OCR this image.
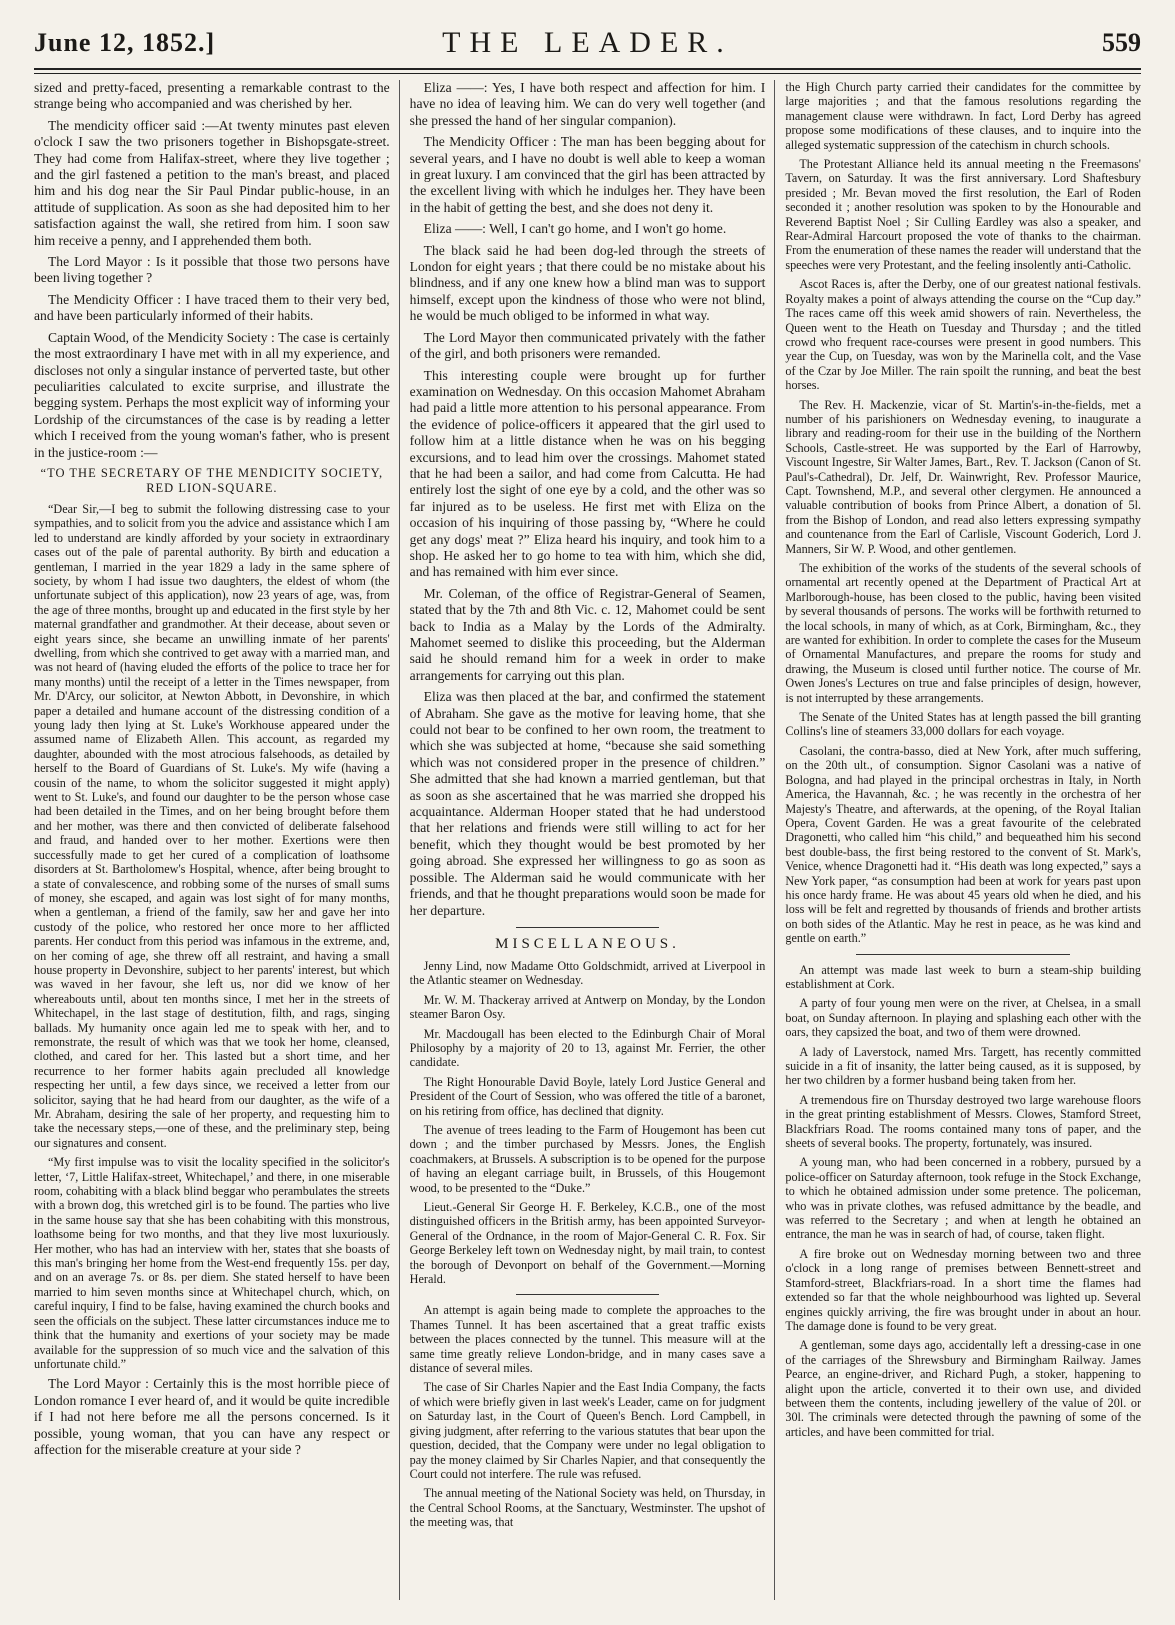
June 12, 1852.]	THE LEADER.	559

sized and pretty-faced, presenting a remarkable contrast to the strange being who accompanied and was cherished by her.

The mendicity officer said :—At twenty minutes past eleven o'clock I saw the two prisoners together in Bishopsgate-street. They had come from Halifax-street, where they live together ; and the girl fastened a petition to the man's breast, and placed him and his dog near the Sir Paul Pindar public-house, in an attitude of supplication. As soon as she had deposited him to her satisfaction against the wall, she retired from him. I soon saw him receive a penny, and I apprehended them both.

The Lord Mayor : Is it possible that those two persons have been living together ?

The Mendicity Officer : I have traced them to their very bed, and have been particularly informed of their habits.

Captain Wood, of the Mendicity Society : The case is certainly the most extraordinary I have met with in all my experience, and discloses not only a singular instance of perverted taste, but other peculiarities calculated to excite surprise, and illustrate the begging system. Perhaps the most explicit way of informing your Lordship of the circumstances of the case is by reading a letter which I received from the young woman's father, who is present in the justice-room :—

“TO THE SECRETARY OF THE MENDICITY SOCIETY, RED LION-SQUARE.

“Dear Sir,—I beg to submit the following distressing case to your sympathies, and to solicit from you the advice and assistance which I am led to understand are kindly afforded by your society in extraordinary cases out of the pale of parental authority. By birth and education a gentleman, I married in the year 1829 a lady in the same sphere of society, by whom I had issue two daughters, the eldest of whom (the unfortunate subject of this application), now 23 years of age, was, from the age of three months, brought up and educated in the first style by her maternal grandfather and grandmother. At their decease, about seven or eight years since, she became an unwilling inmate of her parents' dwelling, from which she contrived to get away with a married man, and was not heard of (having eluded the efforts of the police to trace her for many months) until the receipt of a letter in the Times newspaper, from Mr. D'Arcy, our solicitor, at Newton Abbott, in Devonshire, in which paper a detailed and humane account of the distressing condition of a young lady then lying at St. Luke's Workhouse appeared under the assumed name of Elizabeth Allen. This account, as regarded my daughter, abounded with the most atrocious falsehoods, as detailed by herself to the Board of Guardians of St. Luke's. My wife (having a cousin of the name, to whom the solicitor suggested it might apply) went to St. Luke's, and found our daughter to be the person whose case had been detailed in the Times, and on her being brought before them and her mother, was there and then convicted of deliberate falsehood and fraud, and handed over to her mother. Exertions were then successfully made to get her cured of a complication of loathsome disorders at St. Bartholomew's Hospital, whence, after being brought to a state of convalescence, and robbing some of the nurses of small sums of money, she escaped, and again was lost sight of for many months, when a gentleman, a friend of the family, saw her and gave her into custody of the police, who restored her once more to her afflicted parents. Her conduct from this period was infamous in the extreme, and, on her coming of age, she threw off all restraint, and having a small house property in Devonshire, subject to her parents' interest, but which was waved in her favour, she left us, nor did we know of her whereabouts until, about ten months since, I met her in the streets of Whitechapel, in the last stage of destitution, filth, and rags, singing ballads. My humanity once again led me to speak with her, and to remonstrate, the result of which was that we took her home, cleansed, clothed, and cared for her. This lasted but a short time, and her recurrence to her former habits again precluded all knowledge respecting her until, a few days since, we received a letter from our solicitor, saying that he had heard from our daughter, as the wife of a Mr. Abraham, desiring the sale of her property, and requesting him to take the necessary steps,—one of these, and the preliminary step, being our signatures and consent.

“My first impulse was to visit the locality specified in the solicitor's letter, ‘7, Little Halifax-street, Whitechapel,’ and there, in one miserable room, cohabiting with a black blind beggar who perambulates the streets with a brown dog, this wretched girl is to be found. The parties who live in the same house say that she has been cohabiting with this monstrous, loathsome being for two months, and that they live most luxuriously. Her mother, who has had an interview with her, states that she boasts of this man's bringing her home from the West-end frequently 15s. per day, and on an average 7s. or 8s. per diem. She stated herself to have been married to him seven months since at Whitechapel church, which, on careful inquiry, I find to be false, having examined the church books and seen the officials on the subject. These latter circumstances induce me to think that the humanity and exertions of your society may be made available for the suppression of so much vice and the salvation of this unfortunate child.”

The Lord Mayor : Certainly this is the most horrible piece of London romance I ever heard of, and it would be quite incredible if I had not here before me all the persons concerned. Is it possible, young woman, that you can have any respect or affection for the miserable creature at your side ?

Eliza ——: Yes, I have both respect and affection for him. I have no idea of leaving him. We can do very well together (and she pressed the hand of her singular companion).

The Mendicity Officer : The man has been begging about for several years, and I have no doubt is well able to keep a woman in great luxury. I am convinced that the girl has been attracted by the excellent living with which he indulges her. They have been in the habit of getting the best, and she does not deny it.

Eliza ——: Well, I can't go home, and I won't go home.

The black said he had been dog-led through the streets of London for eight years ; that there could be no mistake about his blindness, and if any one knew how a blind man was to support himself, except upon the kindness of those who were not blind, he would be much obliged to be informed in what way.

The Lord Mayor then communicated privately with the father of the girl, and both prisoners were remanded.

This interesting couple were brought up for further examination on Wednesday. On this occasion Mahomet Abraham had paid a little more attention to his personal appearance. From the evidence of police-officers it appeared that the girl used to follow him at a little distance when he was on his begging excursions, and to lead him over the crossings. Mahomet stated that he had been a sailor, and had come from Calcutta. He had entirely lost the sight of one eye by a cold, and the other was so far injured as to be useless. He first met with Eliza on the occasion of his inquiring of those passing by, “Where he could get any dogs' meat ?” Eliza heard his inquiry, and took him to a shop. He asked her to go home to tea with him, which she did, and has remained with him ever since.

Mr. Coleman, of the office of Registrar-General of Seamen, stated that by the 7th and 8th Vic. c. 12, Mahomet could be sent back to India as a Malay by the Lords of the Admiralty. Mahomet seemed to dislike this proceeding, but the Alderman said he should remand him for a week in order to make arrangements for carrying out this plan.

Eliza was then placed at the bar, and confirmed the statement of Abraham. She gave as the motive for leaving home, that she could not bear to be confined to her own room, the treatment to which she was subjected at home, “because she said something which was not considered proper in the presence of children.” She admitted that she had known a married gentleman, but that as soon as she ascertained that he was married she dropped his acquaintance. Alderman Hooper stated that he had understood that her relations and friends were still willing to act for her benefit, which they thought would be best promoted by her going abroad. She expressed her willingness to go as soon as possible. The Alderman said he would communicate with her friends, and that he thought preparations would soon be made for her departure.

MISCELLANEOUS.

Jenny Lind, now Madame Otto Goldschmidt, arrived at Liverpool in the Atlantic steamer on Wednesday.

Mr. W. M. Thackeray arrived at Antwerp on Monday, by the London steamer Baron Osy.

Mr. Macdougall has been elected to the Edinburgh Chair of Moral Philosophy by a majority of 20 to 13, against Mr. Ferrier, the other candidate.

The Right Honourable David Boyle, lately Lord Justice General and President of the Court of Session, who was offered the title of a baronet, on his retiring from office, has declined that dignity.

The avenue of trees leading to the Farm of Hougemont has been cut down ; and the timber purchased by Messrs. Jones, the English coachmakers, at Brussels. A subscription is to be opened for the purpose of having an elegant carriage built, in Brussels, of this Hougemont wood, to be presented to the “Duke.”

Lieut.-General Sir George H. F. Berkeley, K.C.B., one of the most distinguished officers in the British army, has been appointed Surveyor-General of the Ordnance, in the room of Major-General C. R. Fox. Sir George Berkeley left town on Wednesday night, by mail train, to contest the borough of Devonport on behalf of the Government.—Morning Herald.

An attempt is again being made to complete the approaches to the Thames Tunnel. It has been ascertained that a great traffic exists between the places connected by the tunnel. This measure will at the same time greatly relieve London-bridge, and in many cases save a distance of several miles.

The case of Sir Charles Napier and the East India Company, the facts of which were briefly given in last week's Leader, came on for judgment on Saturday last, in the Court of Queen's Bench. Lord Campbell, in giving judgment, after referring to the various statutes that bear upon the question, decided, that the Company were under no legal obligation to pay the money claimed by Sir Charles Napier, and that consequently the Court could not interfere. The rule was refused.

The annual meeting of the National Society was held, on Thursday, in the Central School Rooms, at the Sanctuary, Westminster. The upshot of the meeting was, that

the High Church party carried their candidates for the committee by large majorities ; and that the famous resolutions regarding the management clause were withdrawn. In fact, Lord Derby has agreed propose some modifications of these clauses, and to inquire into the alleged systematic suppression of the catechism in church schools.

The Protestant Alliance held its annual meeting n the Freemasons' Tavern, on Saturday. It was the first anniversary. Lord Shaftesbury presided ; Mr. Bevan moved the first resolution, the Earl of Roden seconded it ; another resolution was spoken to by the Honourable and Reverend Baptist Noel ; Sir Culling Eardley was also a speaker, and Rear-Admiral Harcourt proposed the vote of thanks to the chairman. From the enumeration of these names the reader will understand that the speeches were very Protestant, and the feeling insolently anti-Catholic.

Ascot Races is, after the Derby, one of our greatest national festivals. Royalty makes a point of always attending the course on the “Cup day.” The races came off this week amid showers of rain. Nevertheless, the Queen went to the Heath on Tuesday and Thursday ; and the titled crowd who frequent race-courses were present in good numbers. This year the Cup, on Tuesday, was won by the Marinella colt, and the Vase of the Czar by Joe Miller. The rain spoilt the running, and beat the best horses.

The Rev. H. Mackenzie, vicar of St. Martin's-in-the-fields, met a number of his parishioners on Wednesday evening, to inaugurate a library and reading-room for their use in the building of the Northern Schools, Castle-street. He was supported by the Earl of Harrowby, Viscount Ingestre, Sir Walter James, Bart., Rev. T. Jackson (Canon of St. Paul's-Cathedral), Dr. Jelf, Dr. Wainwright, Rev. Professor Maurice, Capt. Townshend, M.P., and several other clergymen. He announced a valuable contribution of books from Prince Albert, a donation of 5l. from the Bishop of London, and read also letters expressing sympathy and countenance from the Earl of Carlisle, Viscount Goderich, Lord J. Manners, Sir W. P. Wood, and other gentlemen.

The exhibition of the works of the students of the several schools of ornamental art recently opened at the Department of Practical Art at Marlborough-house, has been closed to the public, having been visited by several thousands of persons. The works will be forthwith returned to the local schools, in many of which, as at Cork, Birmingham, &c., they are wanted for exhibition. In order to complete the cases for the Museum of Ornamental Manufactures, and prepare the rooms for study and drawing, the Museum is closed until further notice. The course of Mr. Owen Jones's Lectures on true and false principles of design, however, is not interrupted by these arrangements.

The Senate of the United States has at length passed the bill granting Collins's line of steamers 33,000 dollars for each voyage.

Casolani, the contra-basso, died at New York, after much suffering, on the 20th ult., of consumption. Signor Casolani was a native of Bologna, and had played in the principal orchestras in Italy, in North America, the Havannah, &c. ; he was recently in the orchestra of her Majesty's Theatre, and afterwards, at the opening, of the Royal Italian Opera, Covent Garden. He was a great favourite of the celebrated Dragonetti, who called him “his child,” and bequeathed him his second best double-bass, the first being restored to the convent of St. Mark's, Venice, whence Dragonetti had it. “His death was long expected,” says a New York paper, “as consumption had been at work for years past upon his once hardy frame. He was about 45 years old when he died, and his loss will be felt and regretted by thousands of friends and brother artists on both sides of the Atlantic. May he rest in peace, as he was kind and gentle on earth.”

An attempt was made last week to burn a steam-ship building establishment at Cork.

A party of four young men were on the river, at Chelsea, in a small boat, on Sunday afternoon. In playing and splashing each other with the oars, they capsized the boat, and two of them were drowned.

A lady of Laverstock, named Mrs. Targett, has recently committed suicide in a fit of insanity, the latter being caused, as it is supposed, by her two children by a former husband being taken from her.

A tremendous fire on Thursday destroyed two large warehouse floors in the great printing establishment of Messrs. Clowes, Stamford Street, Blackfriars Road. The rooms contained many tons of paper, and the sheets of several books. The property, fortunately, was insured.

A young man, who had been concerned in a robbery, pursued by a police-officer on Saturday afternoon, took refuge in the Stock Exchange, to which he obtained admission under some pretence. The policeman, who was in private clothes, was refused admittance by the beadle, and was referred to the Secretary ; and when at length he obtained an entrance, the man he was in search of had, of course, taken flight.

A fire broke out on Wednesday morning between two and three o'clock in a long range of premises between Bennett-street and Stamford-street, Blackfriars-road. In a short time the flames had extended so far that the whole neighbourhood was lighted up. Several engines quickly arriving, the fire was brought under in about an hour. The damage done is found to be very great.

A gentleman, some days ago, accidentally left a dressing-case in one of the carriages of the Shrewsbury and Birmingham Railway. James Pearce, an engine-driver, and Richard Pugh, a stoker, happening to alight upon the article, converted it to their own use, and divided between them the contents, including jewellery of the value of 20l. or 30l. The criminals were detected through the pawning of some of the articles, and have been committed for trial.
